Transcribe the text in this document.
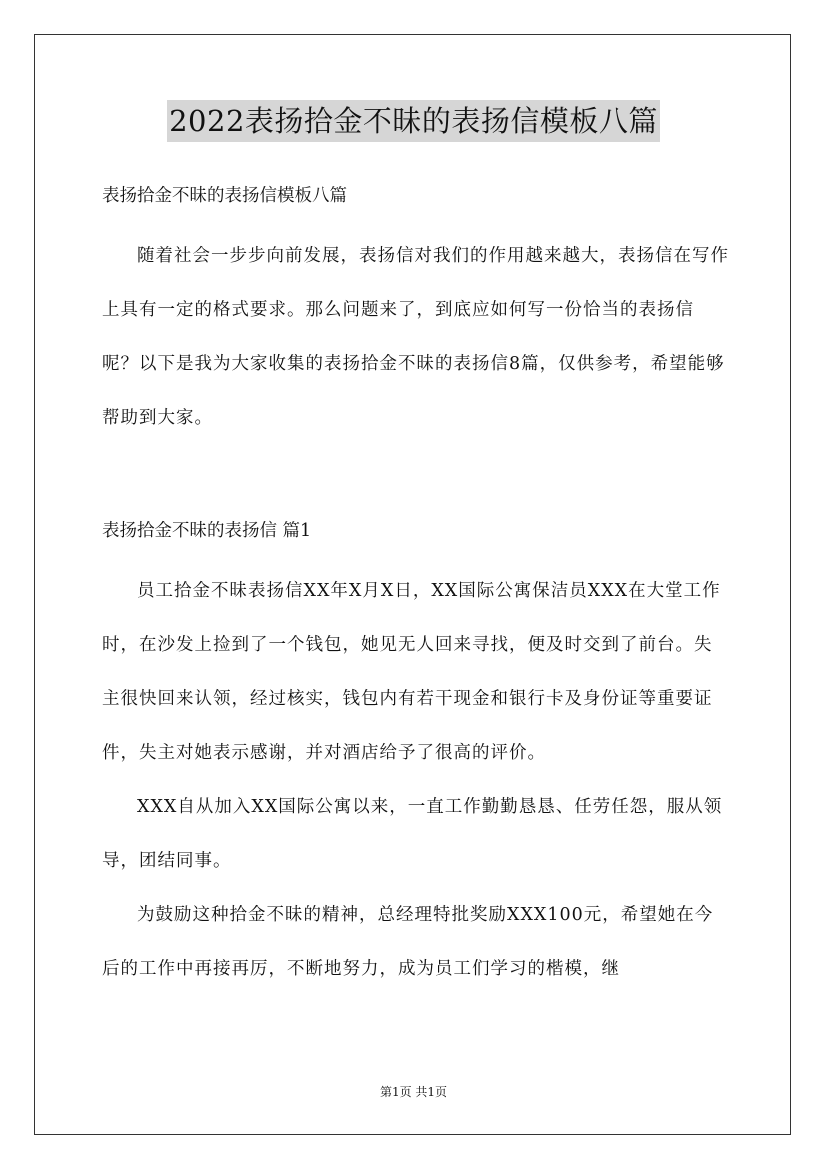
2022表扬拾金不昧的表扬信模板八篇

表扬拾金不昧的表扬信模板八篇

随着社会一步步向前发展，表扬信对我们的作用越来越大，表扬信在写作上具有一定的格式要求。那么问题来了，到底应如何写一份恰当的表扬信呢？以下是我为大家收集的表扬拾金不昧的表扬信8篇，仅供参考，希望能够帮助到大家。

表扬拾金不昧的表扬信 篇1

员工拾金不昧表扬信XX年X月X日，XX国际公寓保洁员XXX在大堂工作时，在沙发上捡到了一个钱包，她见无人回来寻找，便及时交到了前台。失主很快回来认领，经过核实，钱包内有若干现金和银行卡及身份证等重要证件，失主对她表示感谢，并对酒店给予了很高的评价。

XXX自从加入XX国际公寓以来，一直工作勤勤恳恳、任劳任怨，服从领导，团结同事。

为鼓励这种拾金不昧的精神，总经理特批奖励XXX100元，希望她在今后的工作中再接再厉，不断地努力，成为员工们学习的楷模，继

第1页 共1页
